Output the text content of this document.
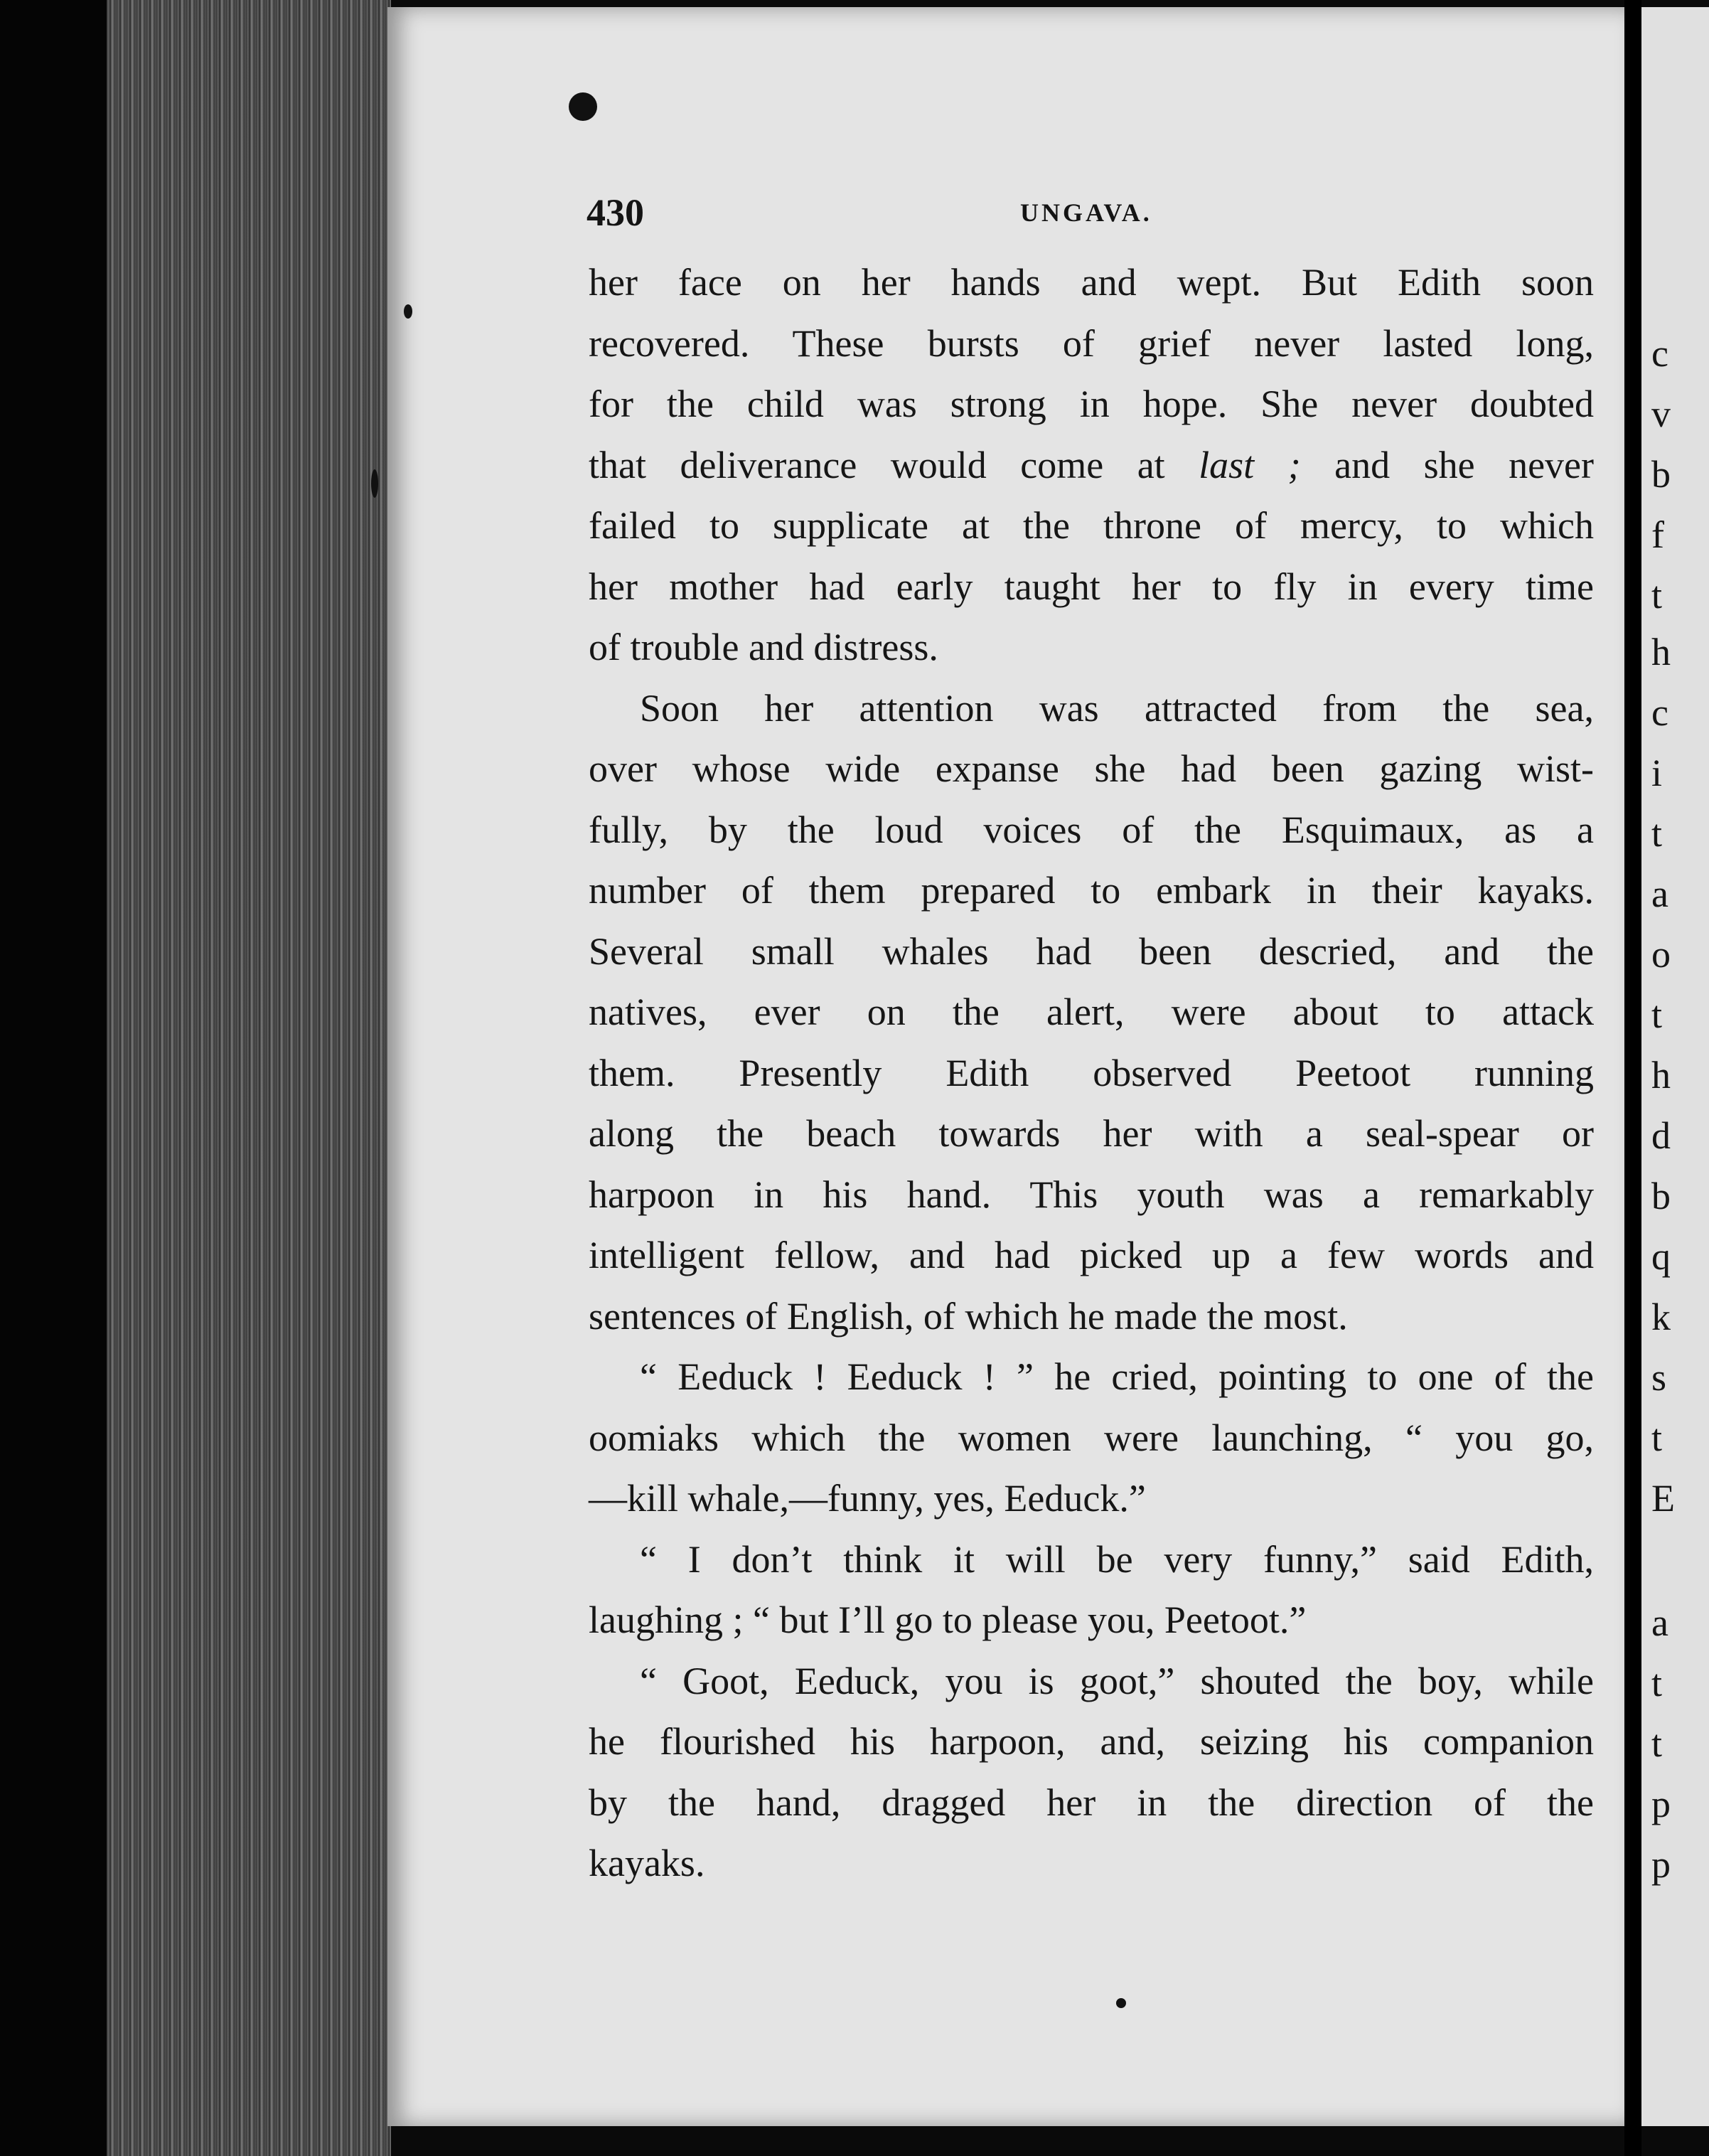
430	UNGAVA.
her face on her hands and wept. But Edith soon
recovered. These bursts of grief never lasted long,
for the child was strong in hope. She never doubted
that deliverance would come at last ; and she never
failed to supplicate at the throne of mercy, to which
her mother had early taught her to fly in every time
of trouble and distress.
Soon her attention was attracted from the sea,
over whose wide expanse she had been gazing wist-
fully, by the loud voices of the Esquimaux, as a
number of them prepared to embark in their kayaks.
Several small whales had been descried, and the
natives, ever on the alert, were about to attack
them. Presently Edith observed Peetoot running
along the beach towards her with a seal-spear or
harpoon in his hand. This youth was a remarkably
intelligent fellow, and had picked up a few words and
sentences of English, of which he made the most.
“ Eeduck ! Eeduck ! ” he cried, pointing to one of the
oomiaks which the women were launching, “ you go,
—kill whale,—funny, yes, Eeduck.”
“ I don’t think it will be very funny,” said Edith,
laughing ; “ but I’ll go to please you, Peetoot.”
“ Goot, Eeduck, you is goot,” shouted the boy, while
he flourished his harpoon, and, seizing his companion
by the hand, dragged her in the direction of the
kayaks.
c
v
b
f
t
h
c
i
t
a
o
t
h
d
b
q
k
s
t
E
a
t
t
p
p
